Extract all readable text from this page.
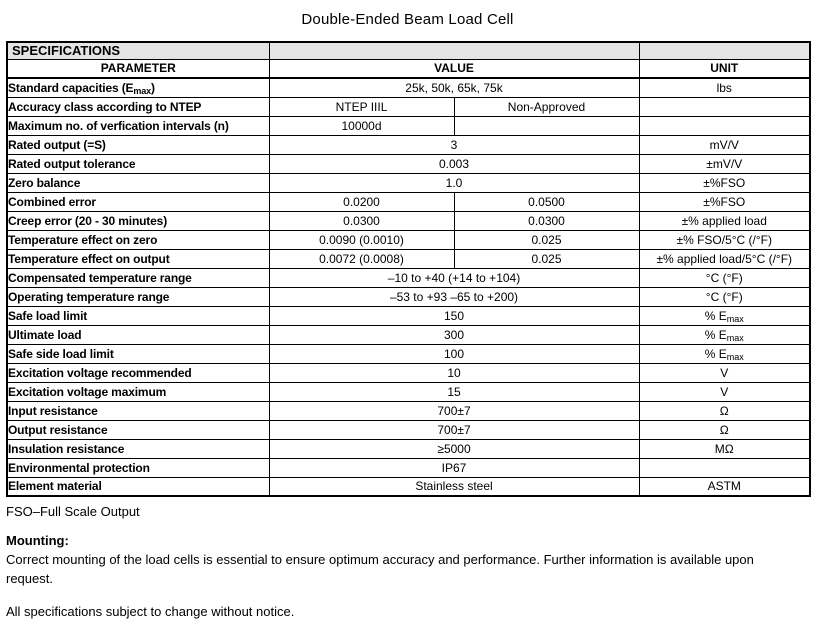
Double-Ended Beam Load Cell
SPECIFICATIONS			
PARAMETER	VALUE		UNIT
Standard capacities $(E_{max})$	25k, 50k, 65k, 75k		lbs
Accuracy class according to NTEP	NTEP IIIL	Non-Approved	
Maximum no. of verfication intervals (n)	10000d		
Rated output (=S)	3		mV/V
Rated output tolerance	0.003		±mV/V
Zero balance	1.0		±%FSO
Combined error	0.0200	0.0500	±%FSO
Creep error (20 - 30 minutes)	0.0300	0.0300	±% applied load
Temperature effect on zero	0.0090 (0.0010)	0.025	±% FSO/5°C (/°F)
Temperature effect on output	0.0072 (0.0008)	0.025	±% applied load/5°C (/°F)
Compensated temperature range	–10 to +40 (+14 to +104)		°C (°F)
Operating temperature range	–53 to +93 –65 to +200)		°C (°F)
Safe load limit	150		% $E_{max}$
Ultimate load	300		% $E_{max}$
Safe side load limit	100		% $E_{max}$
Excitation voltage recommended	10		V
Excitation voltage maximum	15		V
Input resistance	700±7		Ω
Output resistance	700±7		Ω
Insulation resistance	≥5000		MΩ
Environmental protection	IP67		
Element material	Stainless steel		ASTM
FSO–Full Scale Output
Mounting:
Correct mounting of the load cells is essential to ensure optimum accuracy and performance. Further information is available upon request.
All specifications subject to change without notice.
